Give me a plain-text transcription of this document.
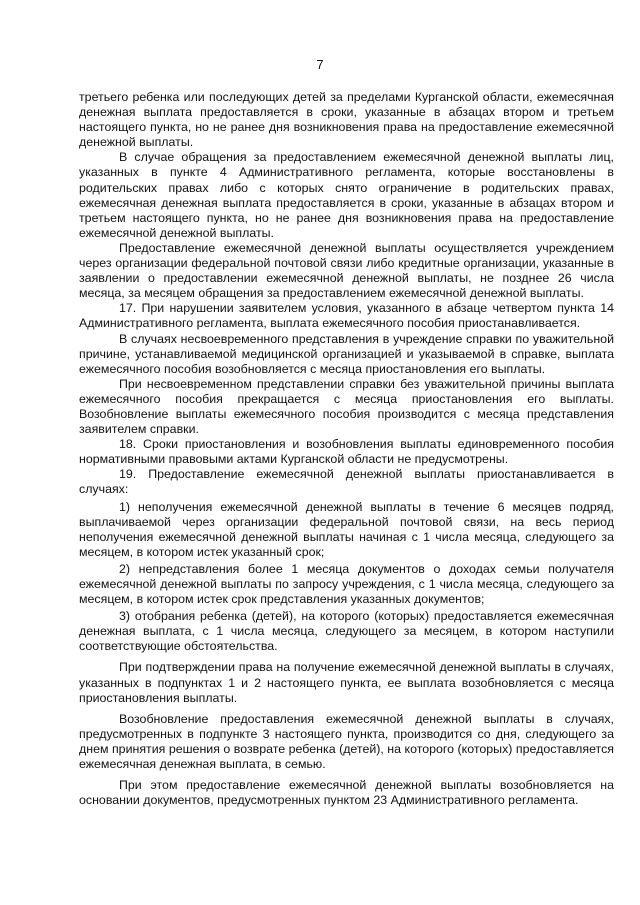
7

третьего ребенка или последующих детей за пределами Курганской области, ежемесячная денежная выплата предоставляется в сроки, указанные в абзацах втором и третьем настоящего пункта, но не ранее дня возникновения права на предоставление ежемесячной денежной выплаты.

В случае обращения за предоставлением ежемесячной денежной выплаты лиц, указанных в пункте 4 Административного регламента, которые восстановлены в родительских правах либо с которых снято ограничение в родительских правах, ежемесячная денежная выплата предоставляется в сроки, указанные в абзацах втором и третьем настоящего пункта, но не ранее дня возникновения права на предоставление ежемесячной денежной выплаты.

Предоставление ежемесячной денежной выплаты осуществляется учреждением через организации федеральной почтовой связи либо кредитные организации, указанные в заявлении о предоставлении ежемесячной денежной выплаты, не позднее 26 числа месяца, за месяцем обращения за предоставлением ежемесячной денежной выплаты.

17. При нарушении заявителем условия, указанного в абзаце четвертом пункта 14 Административного регламента, выплата ежемесячного пособия приостанавливается.

В случаях несвоевременного представления в учреждение справки по уважительной причине, устанавливаемой медицинской организацией и указываемой в справке, выплата ежемесячного пособия возобновляется с месяца приостановления его выплаты.

При несвоевременном представлении справки без уважительной причины выплата ежемесячного пособия прекращается с месяца приостановления его выплаты. Возобновление выплаты ежемесячного пособия производится с месяца представления заявителем справки.

18. Сроки приостановления и возобновления выплаты единовременного пособия нормативными правовыми актами Курганской области не предусмотрены.

19. Предоставление ежемесячной денежной выплаты приостанавливается в случаях:

1) неполучения ежемесячной денежной выплаты в течение 6 месяцев подряд, выплачиваемой через организации федеральной почтовой связи, на весь период неполучения ежемесячной денежной выплаты начиная с 1 числа месяца, следующего за месяцем, в котором истек указанный срок;

2) непредставления более 1 месяца документов о доходах семьи получателя ежемесячной денежной выплаты по запросу учреждения, с 1 числа месяца, следующего за месяцем, в котором истек срок представления указанных документов;

3) отобрания ребенка (детей), на которого (которых) предоставляется ежемесячная денежная выплата, с 1 числа месяца, следующего за месяцем, в котором наступили соответствующие обстоятельства.

При подтверждении права на получение ежемесячной денежной выплаты в случаях, указанных в подпунктах 1 и 2 настоящего пункта, ее выплата возобновляется с месяца приостановления выплаты.

Возобновление предоставления ежемесячной денежной выплаты в случаях, предусмотренных в подпункте 3 настоящего пункта, производится со дня, следующего за днем принятия решения о возврате ребенка (детей), на которого (которых) предоставляется ежемесячная денежная выплата, в семью.

При этом предоставление ежемесячной денежной выплаты возобновляется на основании документов, предусмотренных пунктом 23 Административного регламента.
